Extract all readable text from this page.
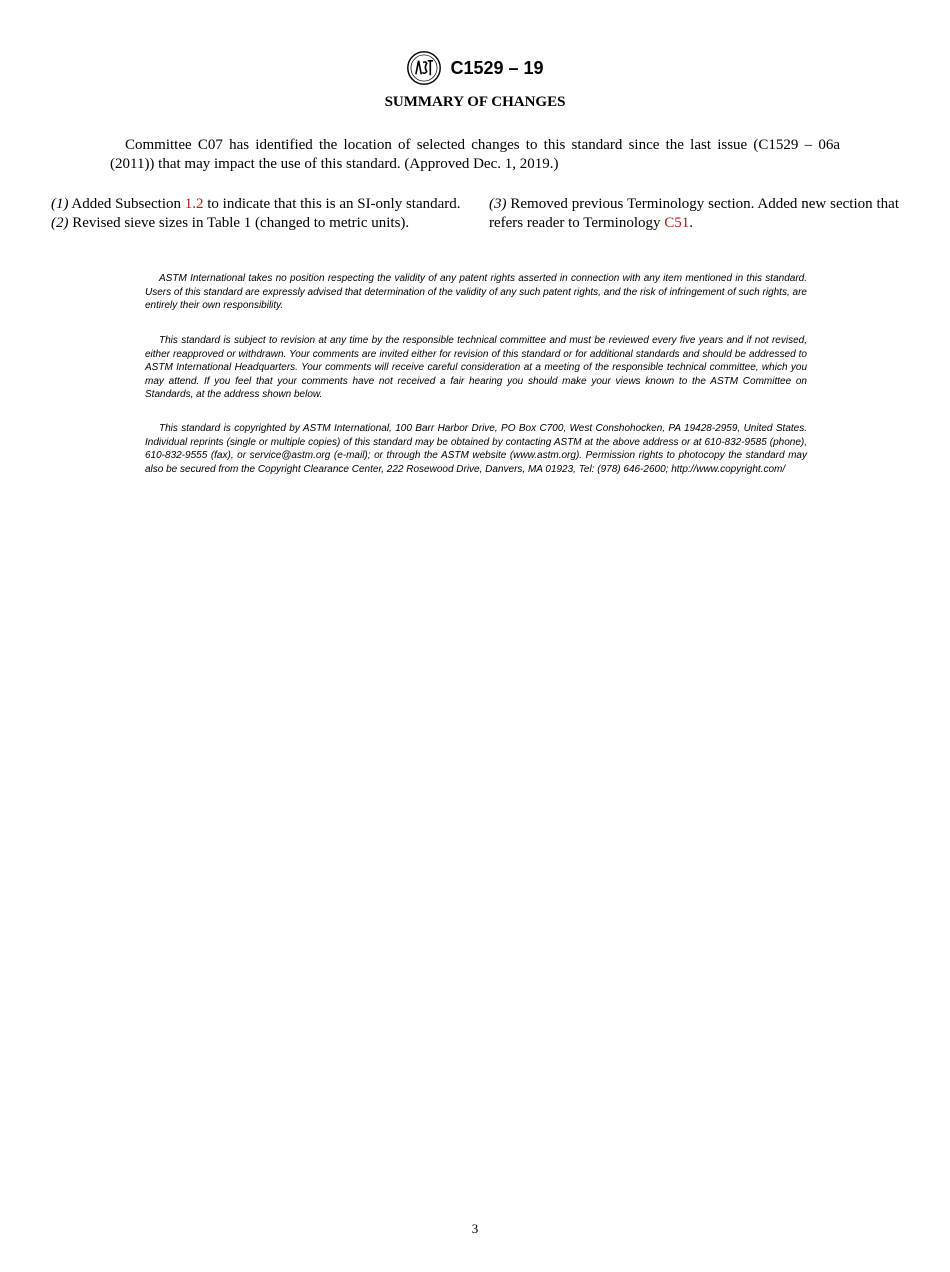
C1529 – 19
SUMMARY OF CHANGES

Committee C07 has identified the location of selected changes to this standard since the last issue (C1529 – 06a (2011)) that may impact the use of this standard. (Approved Dec. 1, 2019.)

(1) Added Subsection 1.2 to indicate that this is an SI-only standard.

(2) Revised sieve sizes in Table 1 (changed to metric units).

(3) Removed previous Terminology section. Added new section that refers reader to Terminology C51.

ASTM International takes no position respecting the validity of any patent rights asserted in connection with any item mentioned in this standard. Users of this standard are expressly advised that determination of the validity of any such patent rights, and the risk of infringement of such rights, are entirely their own responsibility.

This standard is subject to revision at any time by the responsible technical committee and must be reviewed every five years and if not revised, either reapproved or withdrawn. Your comments are invited either for revision of this standard or for additional standards and should be addressed to ASTM International Headquarters. Your comments will receive careful consideration at a meeting of the responsible technical committee, which you may attend. If you feel that your comments have not received a fair hearing you should make your views known to the ASTM Committee on Standards, at the address shown below.

This standard is copyrighted by ASTM International, 100 Barr Harbor Drive, PO Box C700, West Conshohocken, PA 19428-2959, United States. Individual reprints (single or multiple copies) of this standard may be obtained by contacting ASTM at the above address or at 610-832-9585 (phone), 610-832-9555 (fax), or service@astm.org (e-mail); or through the ASTM website (www.astm.org). Permission rights to photocopy the standard may also be secured from the Copyright Clearance Center, 222 Rosewood Drive, Danvers, MA 01923, Tel: (978) 646-2600; http://www.copyright.com/

3
